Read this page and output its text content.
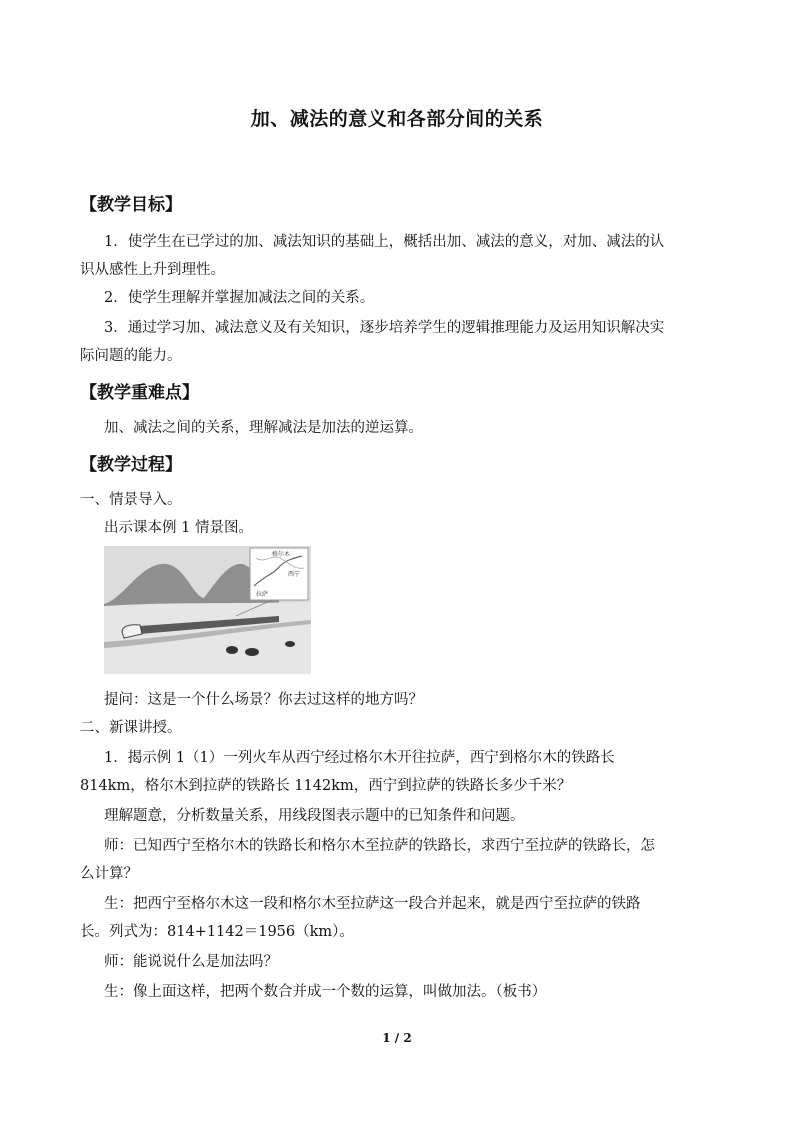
加、减法的意义和各部分间的关系
【教学目标】
1．使学生在已学过的加、减法知识的基础上，概括出加、减法的意义，对加、减法的认
识从感性上升到理性。
2．使学生理解并掌握加减法之间的关系。
3．通过学习加、减法意义及有关知识，逐步培养学生的逻辑推理能力及运用知识解决实
际问题的能力。
【教学重难点】
加、减法之间的关系，理解减法是加法的逆运算。
【教学过程】
一、情景导入。
出示课本例 1 情景图。
格尔木
西宁
拉萨
提问：这是一个什么场景？你去过这样的地方吗？
二、新课讲授。
1．揭示例 1（1）一列火车从西宁经过格尔木开往拉萨，西宁到格尔木的铁路长
814km，格尔木到拉萨的铁路长 1142km，西宁到拉萨的铁路长多少千米？
理解题意，分析数量关系，用线段图表示题中的已知条件和问题。
师：已知西宁至格尔木的铁路长和格尔木至拉萨的铁路长，求西宁至拉萨的铁路长，怎
么计算？
生：把西宁至格尔木这一段和格尔木至拉萨这一段合并起来，就是西宁至拉萨的铁路
长。列式为：814+1142＝1956（km）。
师：能说说什么是加法吗？
生：像上面这样，把两个数合并成一个数的运算，叫做加法。（板书）
1 / 2
